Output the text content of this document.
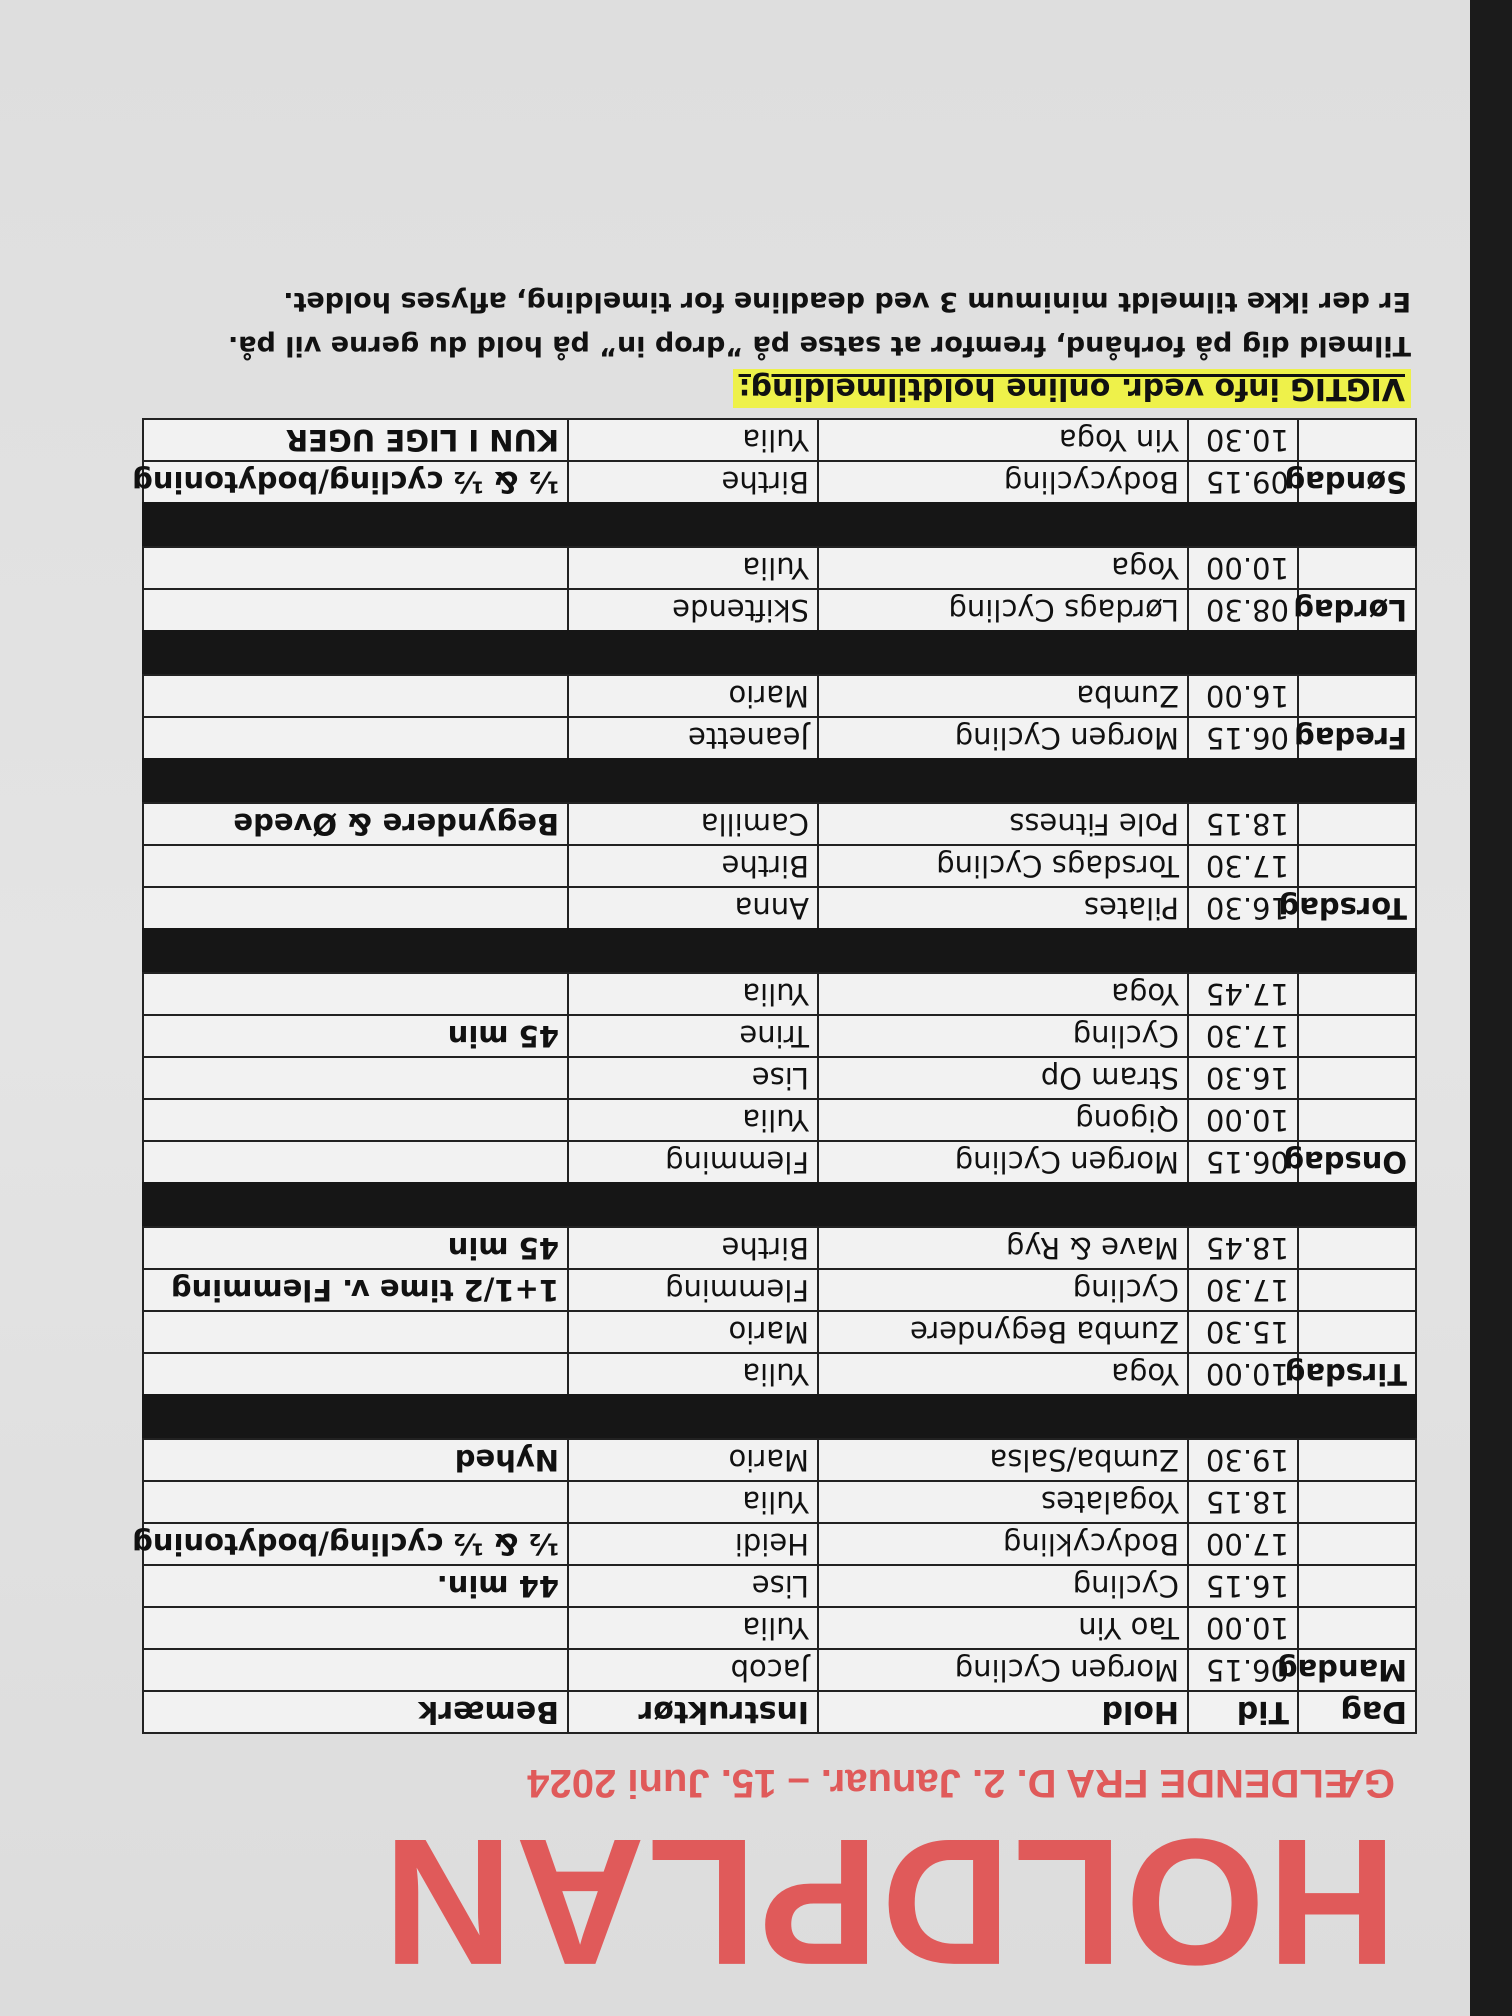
HOLDPLAN
GÆLDENDE FRA D. 2. Januar. – 15. Juni 2024
Dag	Tid	Hold	Instruktør	Bemærk
Mandag	06.15	Morgen Cycling	Jacob	
	10.00	Tao Yin	Yulia	
	16.15	Cycling	Lise	44 min.
	17.00	Bodycykling	Heidi	½ & ½ cycling/bodytoning
	18.15	Yogalates	Yulia	
	19.30	Zumba/Salsa	Mario	Nyhed

Tirsdag	10.00	Yoga	Yulia	
	15.30	Zumba Begyndere	Mario	
	17.30	Cycling	Flemming	1+1/2 time v. Flemming
	18.45	Mave & Ryg	Birthe	45 min

Onsdag	06.15	Morgen Cycling	Flemming	
	10.00	Qigong	Yulia	
	16.30	Stram Op	Lise	
	17.30	Cycling	Trine	45 min
	17.45	Yoga	Yulia	

Torsdag	16.30	Pilates	Anna	
	17.30	Torsdags Cycling	Birthe	
	18.15	Pole Fitness	Camilla	Begyndere & Øvede

Fredag	06.15	Morgen Cycling	Jeanette	
	16.00	Zumba	Mario	

Lørdag	08.30	Lørdags Cycling	Skiftende	
	10.00	Yoga	Yulia	

Søndag	09.15	Bodycycling	Birthe	½ & ½ cycling/bodytoning
	10.30	Yin Yoga	Yulia	KUN I LIGE UGER
VIGTIG info vedr. online holdtilmelding:

Tilmeld dig på forhånd, fremfor at satse på ”drop in” på hold du gerne vil på.

Er der ikke tilmeldt minimum 3 ved deadline for timelding, aflyses holdet.
